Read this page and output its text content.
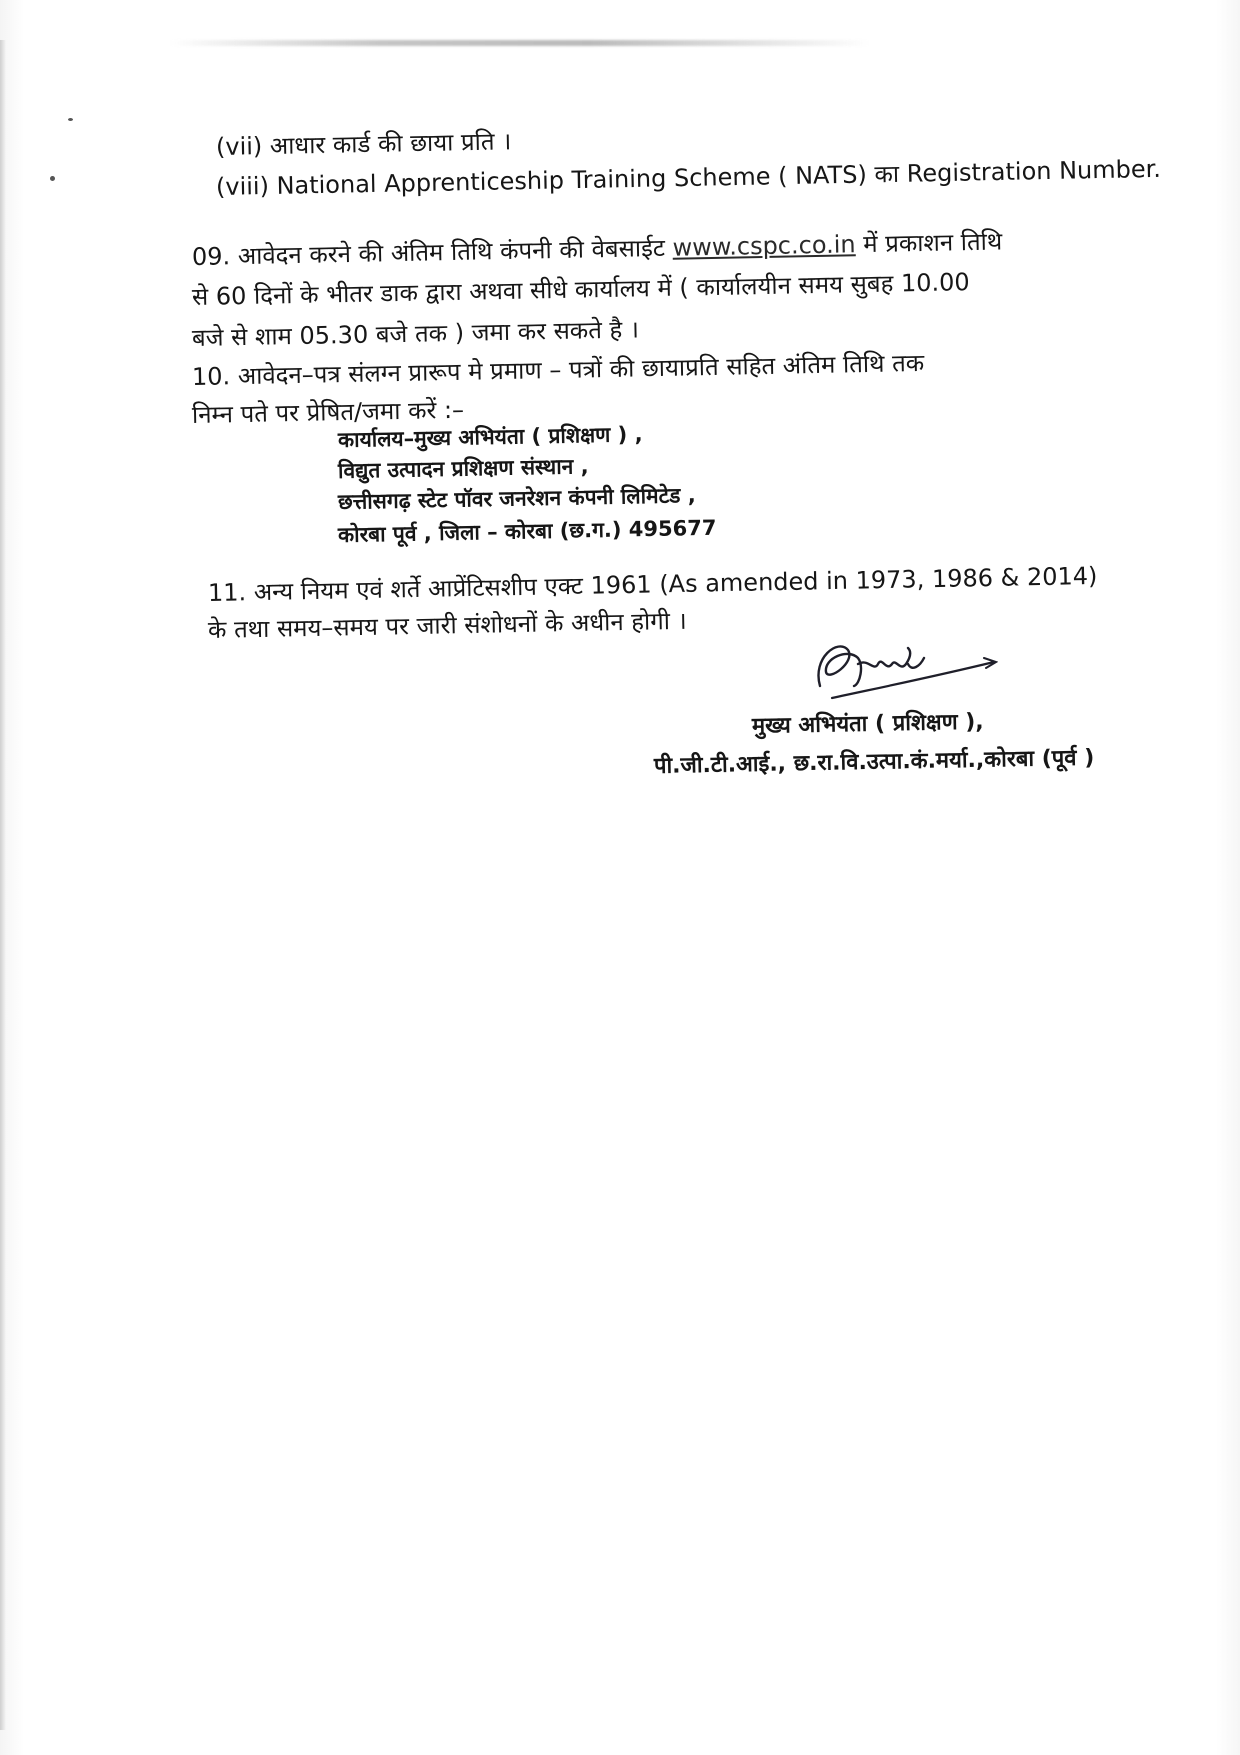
(vii) आधार कार्ड की छाया प्रति ।
(viii) National Apprenticeship Training Scheme ( NATS) का Registration Number.
09. आवेदन करने की अंतिम तिथि कंपनी की वेबसाईट www.cspc.co.in में प्रकाशन तिथि
से 60 दिनों के भीतर डाक द्वारा अथवा सीधे कार्यालय में ( कार्यालयीन समय सुबह 10.00
बजे से शाम 05.30 बजे तक ) जमा कर सकते है ।
10. आवेदन–पत्र संलग्न प्रारूप मे प्रमाण – पत्रों की छायाप्रति सहित अंतिम तिथि तक
निम्न पते पर प्रेषित/जमा करें :–
कार्यालय–मुख्य अभियंता ( प्रशिक्षण ) ,
विद्युत उत्पादन प्रशिक्षण संस्थान ,
छत्तीसगढ़ स्टेट पॉवर जनरेशन कंपनी लिमिटेड ,
कोरबा पूर्व , जिला – कोरबा (छ.ग.) 495677
11. अन्य नियम एवं शर्ते आप्रेंटिसशीप एक्ट 1961 (As amended in 1973, 1986 & 2014)
के तथा समय–समय पर जारी संशोधनों के अधीन होगी ।
मुख्य अभियंता ( प्रशिक्षण ),
पी.जी.टी.आई., छ.रा.वि.उत्पा.कं.मर्या.,कोरबा (पूर्व )
